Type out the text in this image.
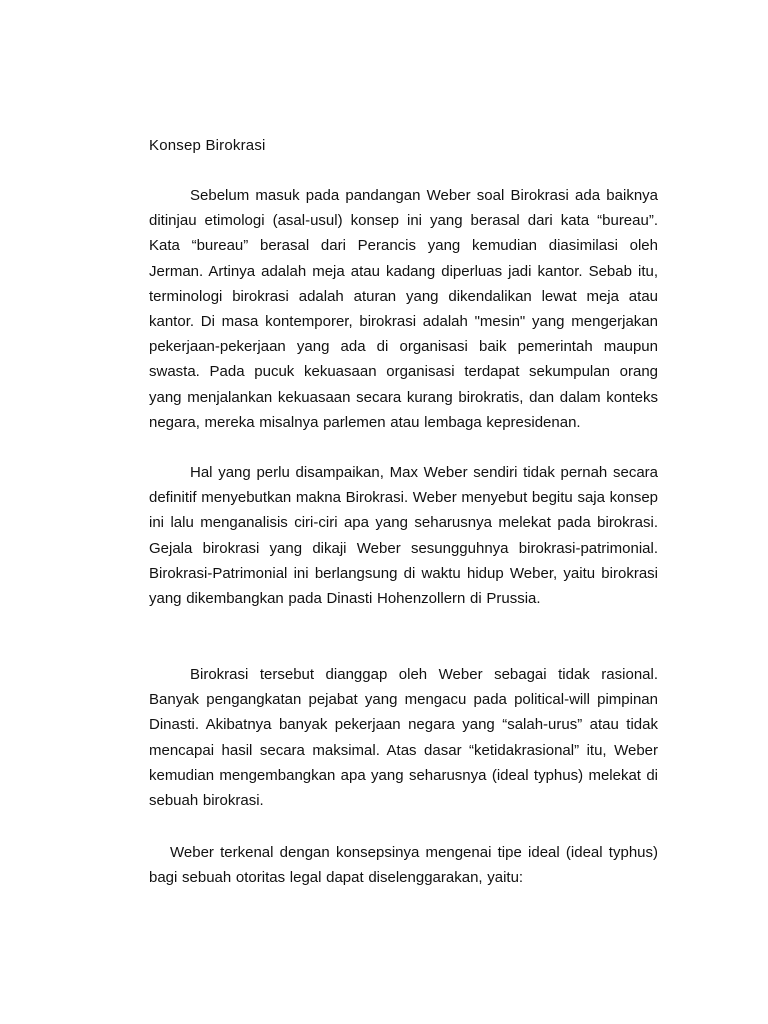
Konsep Birokrasi

Sebelum masuk pada pandangan Weber soal Birokrasi ada baiknya ditinjau etimologi (asal-usul) konsep ini yang berasal dari kata “bureau”. Kata “bureau” berasal dari Perancis yang kemudian diasimilasi oleh Jerman. Artinya adalah meja atau kadang diperluas jadi kantor. Sebab itu, terminologi birokrasi adalah aturan yang dikendalikan lewat meja atau kantor. Di masa kontemporer, birokrasi adalah "mesin" yang mengerjakan pekerjaan-pekerjaan yang ada di organisasi baik pemerintah maupun swasta. Pada pucuk kekuasaan organisasi terdapat sekumpulan orang yang menjalankan kekuasaan secara kurang birokratis, dan dalam konteks negara, mereka misalnya parlemen atau lembaga kepresidenan.

Hal yang perlu disampaikan, Max Weber sendiri tidak pernah secara definitif menyebutkan makna Birokrasi. Weber menyebut begitu saja konsep ini lalu menganalisis ciri-ciri apa yang seharusnya melekat pada birokrasi. Gejala birokrasi yang dikaji Weber sesungguhnya birokrasi-patrimonial. Birokrasi-Patrimonial ini berlangsung di waktu hidup Weber, yaitu birokrasi yang dikembangkan pada Dinasti Hohenzollern di Prussia.

Birokrasi tersebut dianggap oleh Weber sebagai tidak rasional. Banyak pengangkatan pejabat yang mengacu pada political-will pimpinan Dinasti. Akibatnya banyak pekerjaan negara yang “salah-urus” atau tidak mencapai hasil secara maksimal. Atas dasar “ketidakrasional” itu, Weber kemudian mengembangkan apa yang seharusnya (ideal typhus) melekat di sebuah birokrasi.

Weber terkenal dengan konsepsinya mengenai tipe ideal (ideal typhus) bagi sebuah otoritas legal dapat diselenggarakan, yaitu:
